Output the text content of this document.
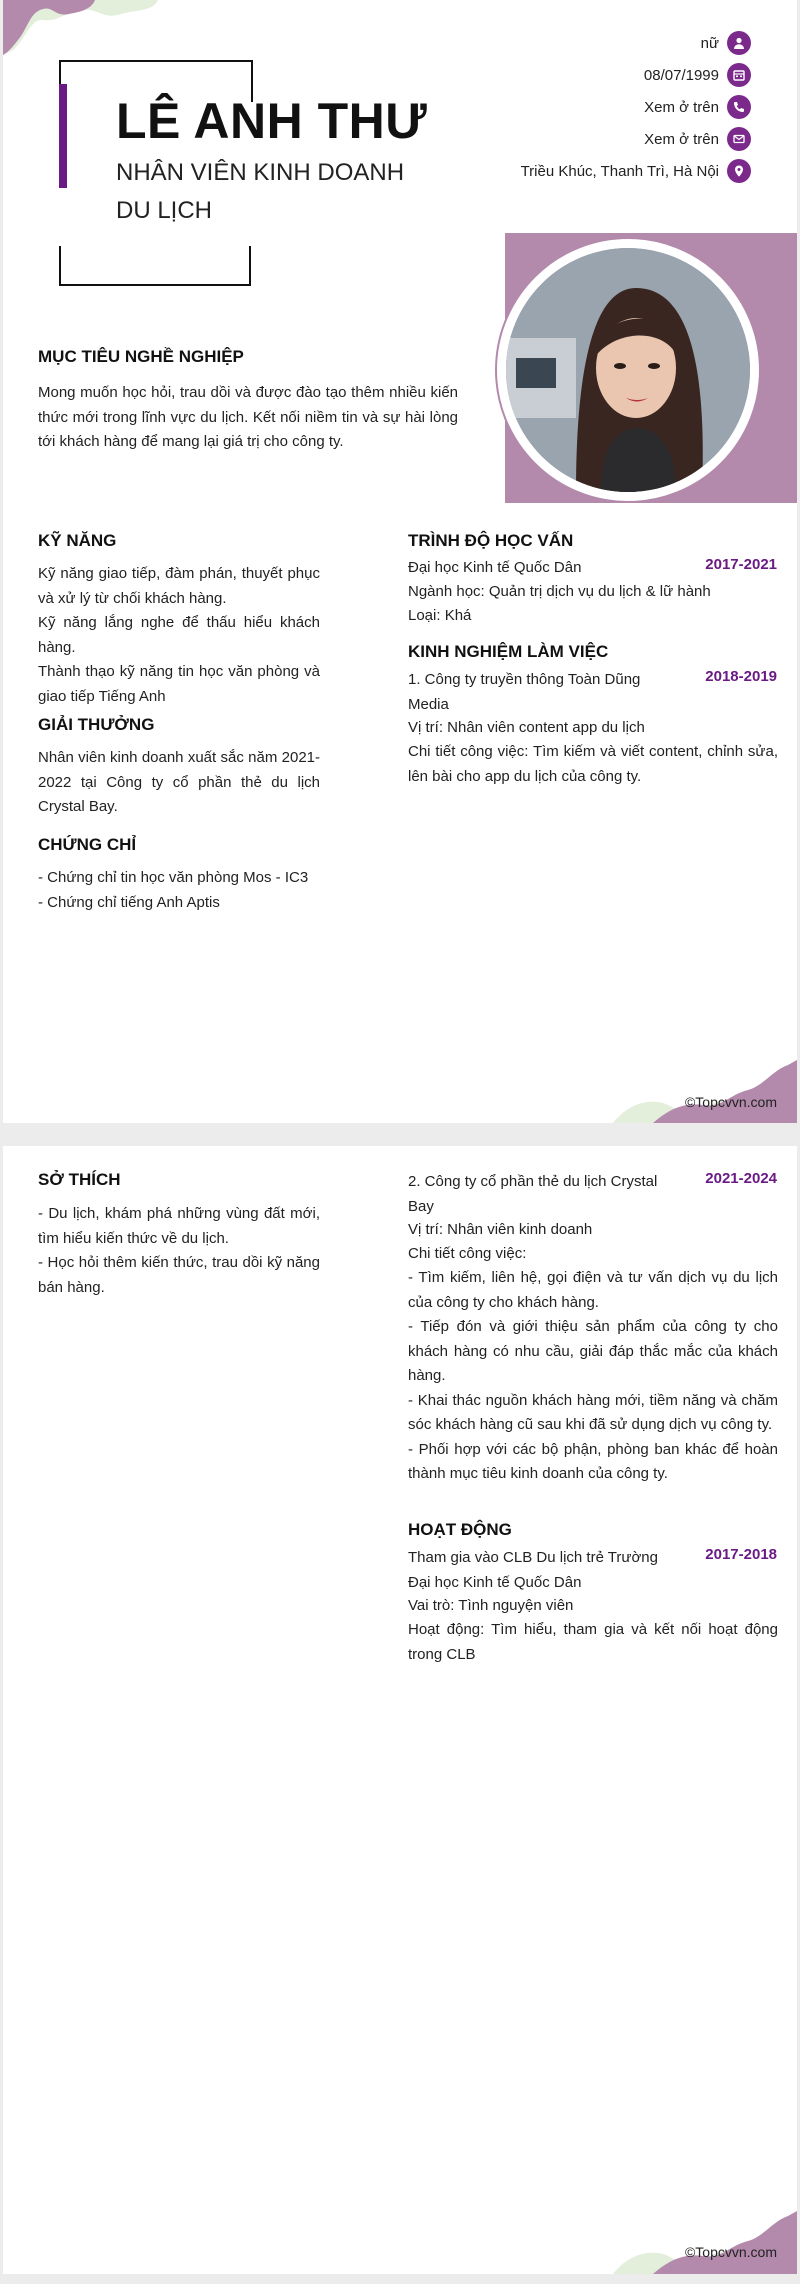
LÊ ANH THƯ
NHÂN VIÊN KINH DOANH DU LỊCH
nữ
08/07/1999
Xem ở trên
Xem ở trên
Triều Khúc, Thanh Trì, Hà Nội
MỤC TIÊU NGHỀ NGHIỆP
Mong muốn học hỏi, trau dồi và được đào tạo thêm nhiều kiến thức mới trong lĩnh vực du lịch. Kết nối niềm tin và sự hài lòng tới khách hàng để mang lại giá trị cho công ty.
KỸ NĂNG

Kỹ năng giao tiếp, đàm phán, thuyết phục và xử lý từ chối khách hàng.

Kỹ năng lắng nghe để thấu hiểu khách hàng.

Thành thạo kỹ năng tin học văn phòng và giao tiếp Tiếng Anh

GIẢI THƯỞNG
Nhân viên kinh doanh xuất sắc năm 2021-2022 tại Công ty cổ phần thẻ du lịch Crystal Bay.
CHỨNG CHỈ

- Chứng chỉ tin học văn phòng Mos - IC3

- Chứng chỉ tiếng Anh Aptis

TRÌNH ĐỘ HỌC VẤN
Đại học Kinh tế Quốc Dân	2017-2021
Ngành học: Quản trị dịch vụ du lịch & lữ hành
Loại: Khá
KINH NGHIỆM LÀM VIỆC
1. Công ty truyền thông Toàn Dũng Media
2018-2019
Vị trí: Nhân viên content app du lịch
Chi tiết công việc: Tìm kiếm và viết content, chỉnh sửa, lên bài cho app du lịch của công ty.
©Topcvvn.com
SỞ THÍCH

- Du lịch, khám phá những vùng đất mới, tìm hiểu kiến thức về du lịch.

- Học hỏi thêm kiến thức, trau dồi kỹ năng bán hàng.

2. Công ty cổ phần thẻ du lịch Crystal Bay
2021-2024
Vị trí: Nhân viên kinh doanh
Chi tiết công việc:

- Tìm kiếm, liên hệ, gọi điện và tư vấn dịch vụ du lịch của công ty cho khách hàng.

- Tiếp đón và giới thiệu sản phẩm của công ty cho khách hàng có nhu cầu, giải đáp thắc mắc của khách hàng.

- Khai thác nguồn khách hàng mới, tiềm năng và chăm sóc khách hàng cũ sau khi đã sử dụng dịch vụ công ty.

- Phối hợp với các bộ phận, phòng ban khác để hoàn thành mục tiêu kinh doanh của công ty.

HOẠT ĐỘNG
Tham gia vào CLB Du lịch trẻ Trường Đại học Kinh tế Quốc Dân
2017-2018
Vai trò: Tình nguyện viên
Hoạt động: Tìm hiểu, tham gia và kết nối hoạt động trong CLB
©Topcvvn.com
